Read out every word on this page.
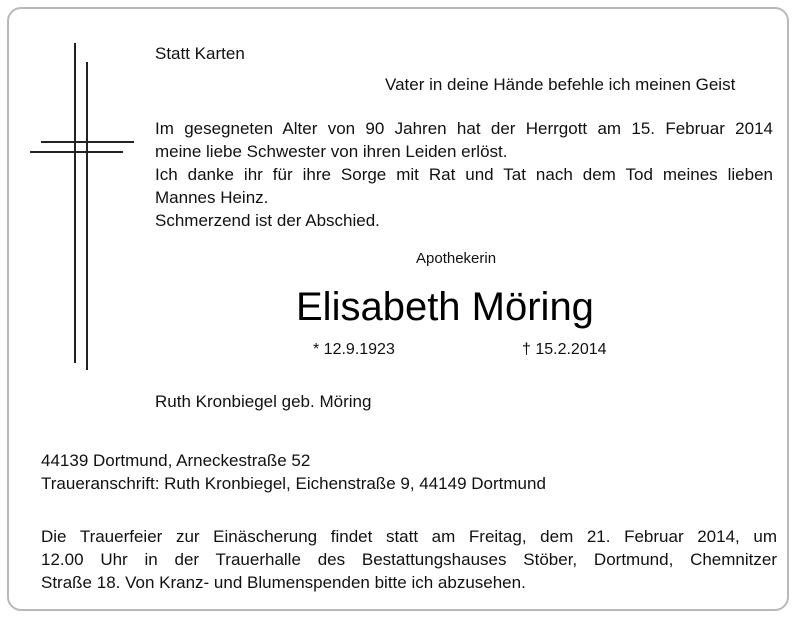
Statt Karten
Vater in deine Hände befehle ich meinen Geist
Im gesegneten Alter von 90 Jahren hat der Herrgott am 15. Februar 2014
meine liebe Schwester von ihren Leiden erlöst.
Ich danke ihr für ihre Sorge mit Rat und Tat nach dem Tod meines lieben
Mannes Heinz.
Schmerzend ist der Abschied.
Apothekerin
Elisabeth Möring
* 12.9.1923	† 15.2.2014
Ruth Kronbiegel geb. Möring
44139 Dortmund, Arneckestraße 52
Traueranschrift: Ruth Kronbiegel, Eichenstraße 9, 44149 Dortmund
Die Trauerfeier zur Einäscherung findet statt am Freitag, dem 21. Februar 2014, um
12.00 Uhr in der Trauerhalle des Bestattungshauses Stöber, Dortmund, Chemnitzer
Straße 18. Von Kranz- und Blumenspenden bitte ich abzusehen.
